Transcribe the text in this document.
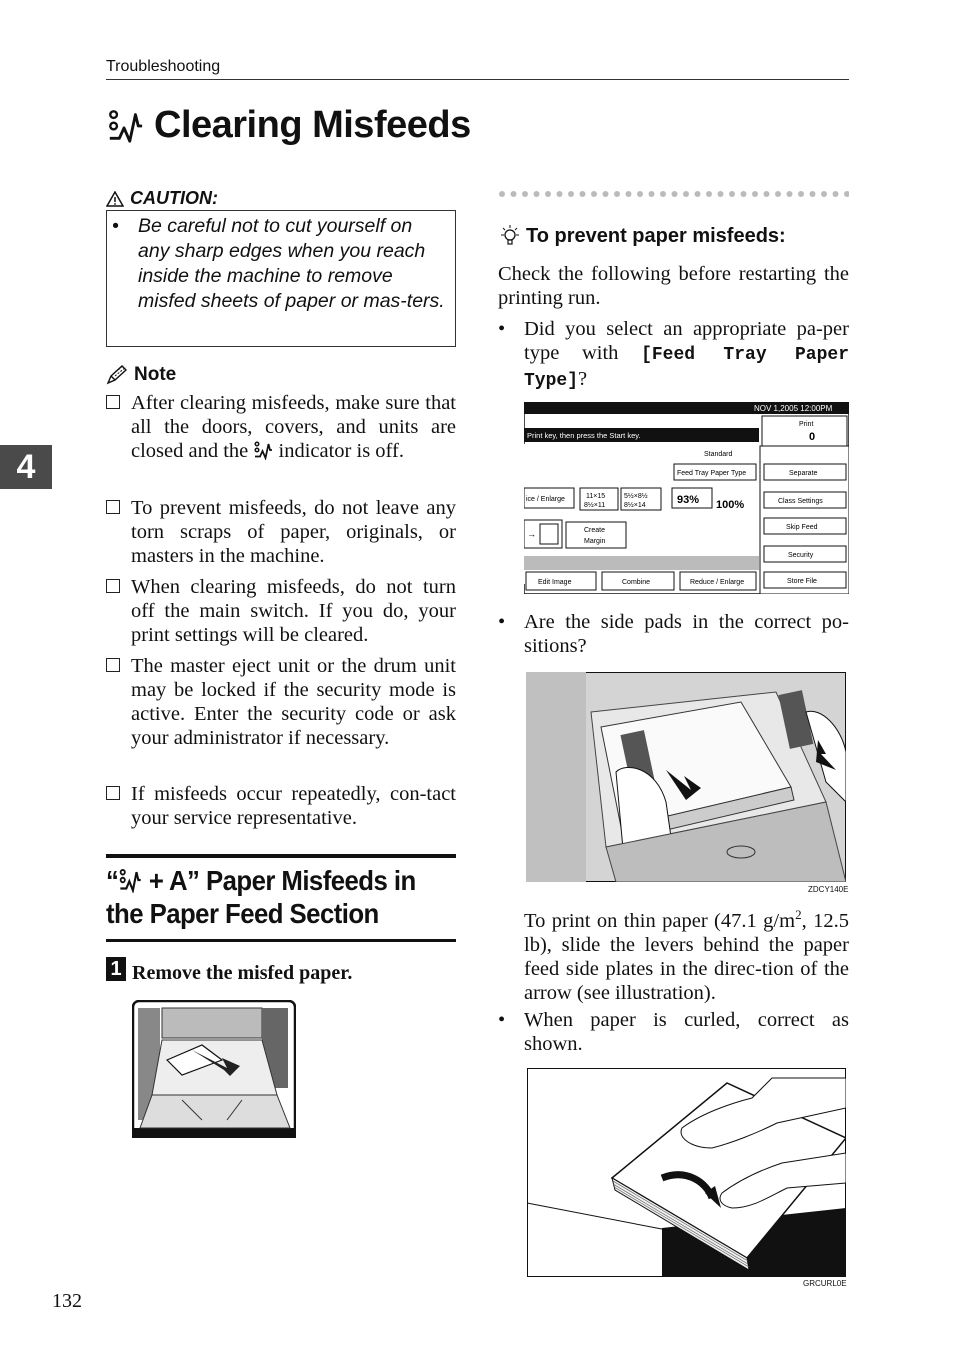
Troubleshooting
Clearing Misfeeds
4
CAUTION:
• Be careful not to cut yourself on any sharp edges when you reach inside the machine to remove misfed sheets of paper or mas-ters.
Note
After clearing misfeeds, make sure that all the doors, covers, and units are closed and the indicator is off.
To prevent misfeeds, do not leave any torn scraps of paper, originals, or masters in the machine.
When clearing misfeeds, do not turn off the main switch. If you do, your print settings will be cleared.
The master eject unit or the drum unit may be locked if the security mode is active. Enter the security code or ask your administrator if necessary.
If misfeeds occur repeatedly, con-tact your service representative.
“ + A” Paper Misfeeds in the Paper Feed Section
1 Remove the misfed paper.
To prevent paper misfeeds:
Check the following before restarting the printing run.
• Did you select an appropriate pa-per type with [Feed Tray Paper Type]?
NOV 1,2005 12:00PM
Print key, then press the Start key.
Print
0
Standard
Feed Tray Paper Type
ice / Enlarge	11×15
8½×11
5½×8½
8½×14	93% 100%
→	Create
Margin
Edit Image	Combine	Reduce / Enlarge
Separate
Class Settings
Skip Feed
Security
Store File
• Are the side pads in the correct po-sitions?
ZDCY140E
To print on thin paper (47.1 $g/m^2$, 12.5 lb), slide the levers behind the paper feed side plates in the direc-tion of the arrow (see illustration).
• When paper is curled, correct as shown.
GRCURL0E
132
